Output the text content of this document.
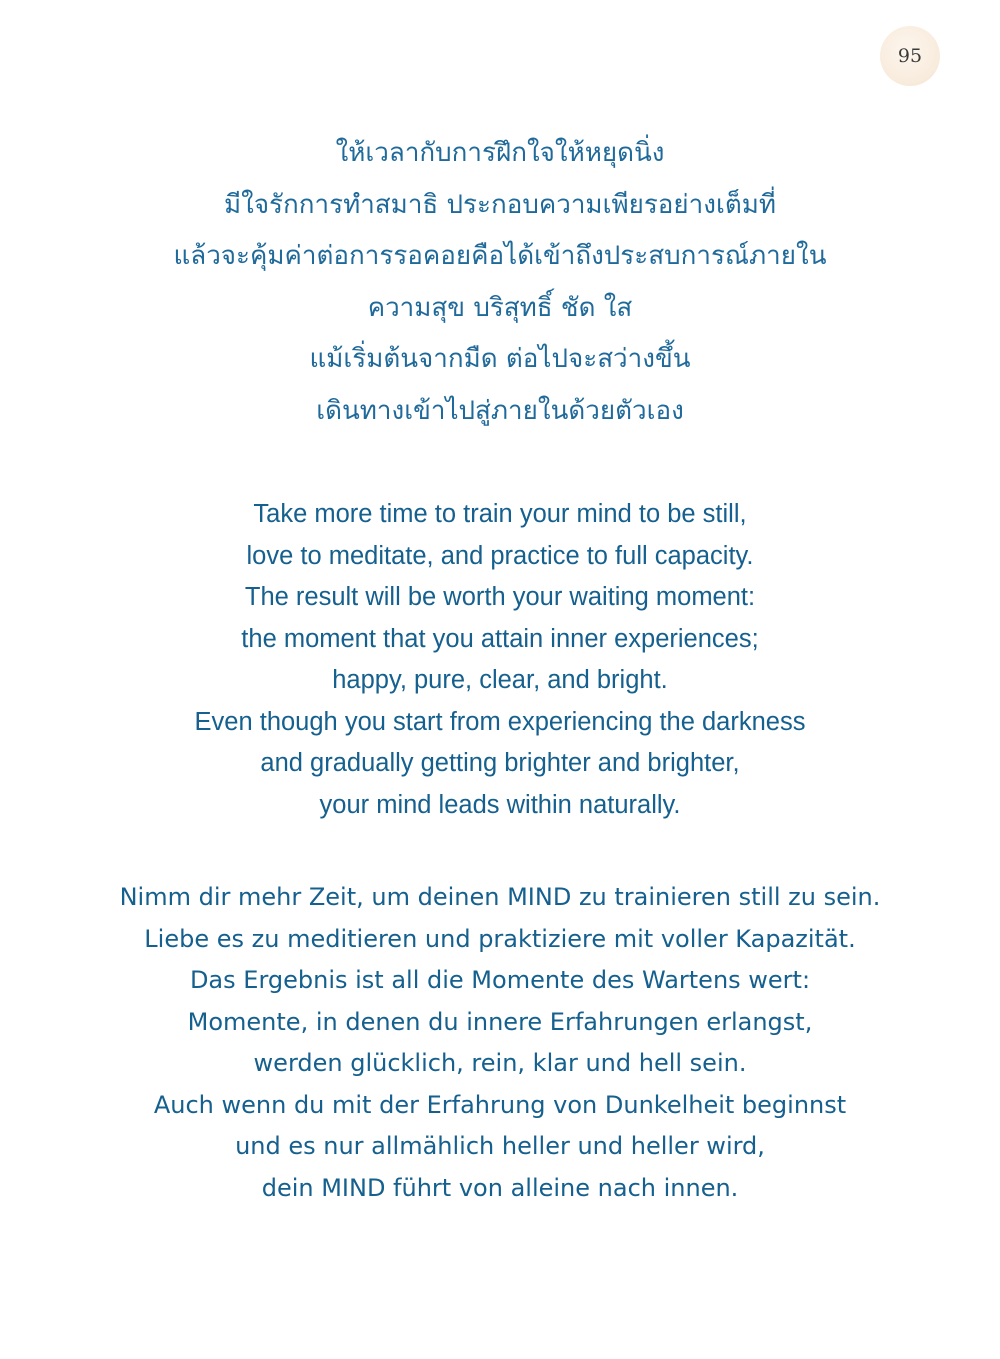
95
ให้เวลากับการฝึกใจให้หยุดนิ่ง
มีใจรักการทำสมาธิ ประกอบความเพียรอย่างเต็มที่
แล้วจะคุ้มค่าต่อการรอคอยคือได้เข้าถึงประสบการณ์ภายใน
ความสุข บริสุทธิ์ ชัด ใส
แม้เริ่มต้นจากมืด ต่อไปจะสว่างขึ้น
เดินทางเข้าไปสู่ภายในด้วยตัวเอง
Take more time to train your mind to be still,
love to meditate, and practice to full capacity.
The result will be worth your waiting moment:
the moment that you attain inner experiences;
happy, pure, clear, and bright.
Even though you start from experiencing the darkness
and gradually getting brighter and brighter,
your mind leads within naturally.
Nimm dir mehr Zeit, um deinen MIND zu trainieren still zu sein.
Liebe es zu meditieren und praktiziere mit voller Kapazität.
Das Ergebnis ist all die Momente des Wartens wert:
Momente, in denen du innere Erfahrungen erlangst,
werden glücklich, rein, klar und hell sein.
Auch wenn du mit der Erfahrung von Dunkelheit beginnst
und es nur allmählich heller und heller wird,
dein MIND führt von alleine nach innen.
